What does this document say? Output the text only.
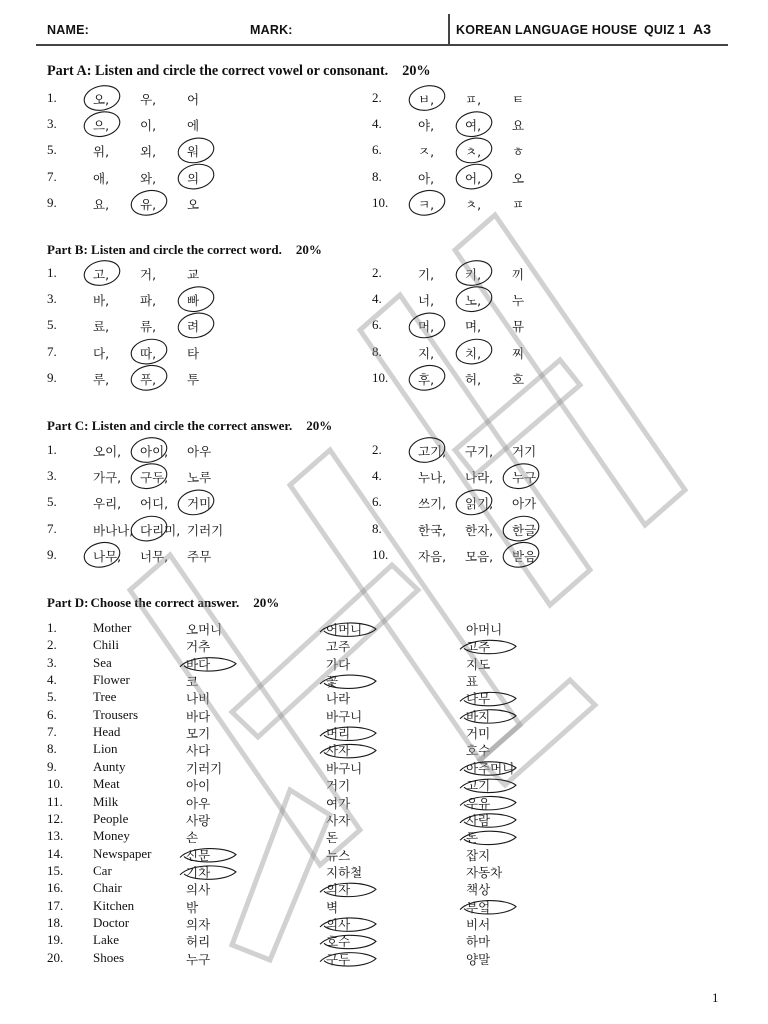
NAME:	MARK:	KOREAN LANGUAGE HOUSE QUIZ 1 A3
Part A: Listen and circle the correct vowel or consonant. 20%
Part B: Listen and circle the correct word. 20%
Part C: Listen and circle the correct answer. 20%
Part D: Choose the correct answer. 20%
1.	오, 우, 어	2.	ㅂ, ㅍ, ㅌ
3.	으, 이, 에	4.	야, 여, 요
5.	위, 외, 워	6.	ㅈ, ㅊ, ㅎ
7.	애, 와, 의	8.	아, 어, 오
9.	요, 유, 오	10. ㅋ, ㅊ, ㅍ
1.	고, 거, 교	2.	기, 키, 끼
3.	바, 파, 빠	4.	너, 노, 누
5.	료, 류, 려	6.	머, 며, 뮤
7.	다, 따, 타	8.	지, 치, 찌
9.	루, 푸, 투	10. 후, 허, 호
1.	오이, 아이, 아우	2.	고기, 구기, 거기
3.	가구, 구두, 노루	4.	누나, 나라, 누구
5.	우리, 어디, 거미	6.	쓰기, 읽기, 아가
7.	바나나, 다리미, 기러기	8.	한국, 한자, 한글
9.	나무, 너무, 주무	10. 자음, 모음, 받음
1.	Mother	오머니	어머니	아머니
2.	Chili	거추	고주	고추
3.	Sea	바다	가다	지도
4.	Flower	코	꽃	표
5.	Tree	나비	나라	나무
6.	Trousers	바다	바구니	바지
7.	Head	모기	머리	거미
8.	Lion	사다	사자	호수
9.	Aunty	기러기	바구니	아주머니
10. Meat	아이	거기	고기
11. Milk	아우	여가	우유
12. People	사랑	사자	사람
13. Money	손	돈	돈
14. Newspaper	신문	뉴스	잡지
15. Car	기차	지하철	자동차
16. Chair	의사	의자	책상
17. Kitchen	밖	벽	부엌
18. Doctor	의자	의사	비서
19. Lake	허리	호수	하마
20. Shoes	누구	구두	양말
1
